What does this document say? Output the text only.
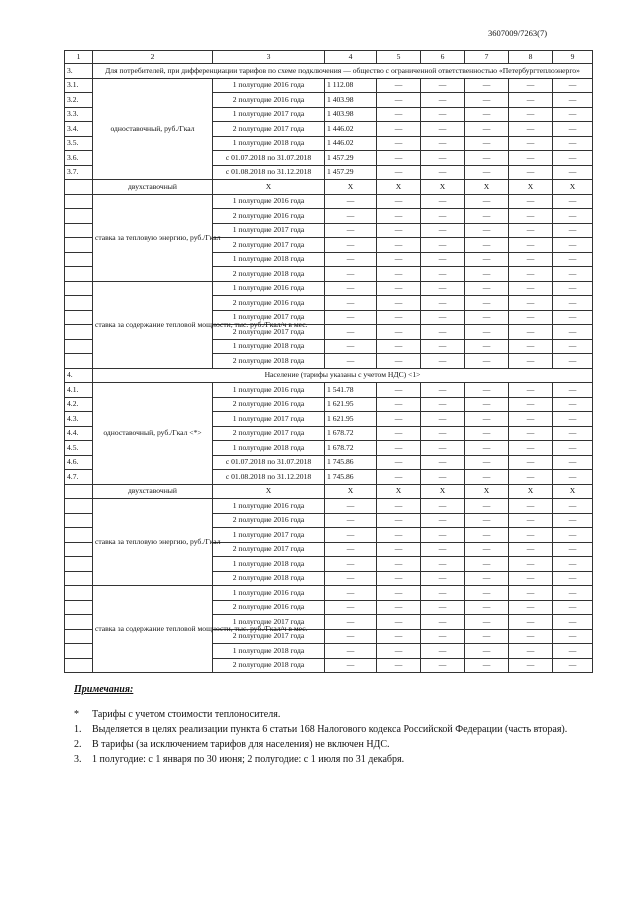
3607009/7263(7)
1	2	3	4	5	6	7	8	9
3.	Для потребителей, при дифференциации тарифов по схеме подключения — общество с ограниченной ответственностью «Петербургтеплоэнерго»							
3.1.	одноставочный, руб./Гкал	1 полугодие 2016 года	1 112.08	—	—	—	—	—
3.2.		2 полугодие 2016 года	1 403.98	—	—	—	—	—
3.3.		1 полугодие 2017 года	1 403.98	—	—	—	—	—
3.4.		2 полугодие 2017 года	1 446.02	—	—	—	—	—
3.5.		1 полугодие 2018 года	1 446.02	—	—	—	—	—
3.6.		с 01.07.2018 по 31.07.2018	1 457.29	—	—	—	—	—
3.7.		с 01.08.2018 по 31.12.2018	1 457.29	—	—	—	—	—
	двухставочный	X	X	X	X	X	X	X
	ставка за тепловую энергию, руб./Гкал	1 полугодие 2016 года	—	—	—	—	—	—
		2 полугодие 2016 года	—	—	—	—	—	—
		1 полугодие 2017 года	—	—	—	—	—	—
		2 полугодие 2017 года	—	—	—	—	—	—
		1 полугодие 2018 года	—	—	—	—	—	—
		2 полугодие 2018 года	—	—	—	—	—	—
	ставка за содержание тепловой мощности, тыс. руб./Гкал/ч в мес.	1 полугодие 2016 года	—	—	—	—	—	—
		2 полугодие 2016 года	—	—	—	—	—	—
		1 полугодие 2017 года	—	—	—	—	—	—
		2 полугодие 2017 года	—	—	—	—	—	—
		1 полугодие 2018 года	—	—	—	—	—	—
		2 полугодие 2018 года	—	—	—	—	—	—
4.	Население (тарифы указаны с учетом НДС) <1>							
4.1.	одноставочный, руб./Гкал <*>	1 полугодие 2016 года	1 541.78	—	—	—	—	—
4.2.		2 полугодие 2016 года	1 621.95	—	—	—	—	—
4.3.		1 полугодие 2017 года	1 621.95	—	—	—	—	—
4.4.		2 полугодие 2017 года	1 678.72	—	—	—	—	—
4.5.		1 полугодие 2018 года	1 678.72	—	—	—	—	—
4.6.		с 01.07.2018 по 31.07.2018	1 745.86	—	—	—	—	—
4.7.		с 01.08.2018 по 31.12.2018	1 745.86	—	—	—	—	—
	двухставочный	X	X	X	X	X	X	X
	ставка за тепловую энергию, руб./Гкал	1 полугодие 2016 года	—	—	—	—	—	—
		2 полугодие 2016 года	—	—	—	—	—	—
		1 полугодие 2017 года	—	—	—	—	—	—
		2 полугодие 2017 года	—	—	—	—	—	—
		1 полугодие 2018 года	—	—	—	—	—	—
		2 полугодие 2018 года	—	—	—	—	—	—
	ставка за содержание тепловой мощности, тыс. руб./Гкал/ч в мес.	1 полугодие 2016 года	—	—	—	—	—	—
		2 полугодие 2016 года	—	—	—	—	—	—
		1 полугодие 2017 года	—	—	—	—	—	—
		2 полугодие 2017 года	—	—	—	—	—	—
		1 полугодие 2018 года	—	—	—	—	—	—
		2 полугодие 2018 года	—	—	—	—	—	—
Примечания:
*	Тарифы с учетом стоимости теплоносителя.
1.	Выделяется в целях реализации пункта 6 статьи 168 Налогового кодекса Российской Федерации (часть вторая).
2.	В тарифы (за исключением тарифов для населения) не включен НДС.
3.	1 полугодие: с 1 января по 30 июня; 2 полугодие: с 1 июля по 31 декабря.
